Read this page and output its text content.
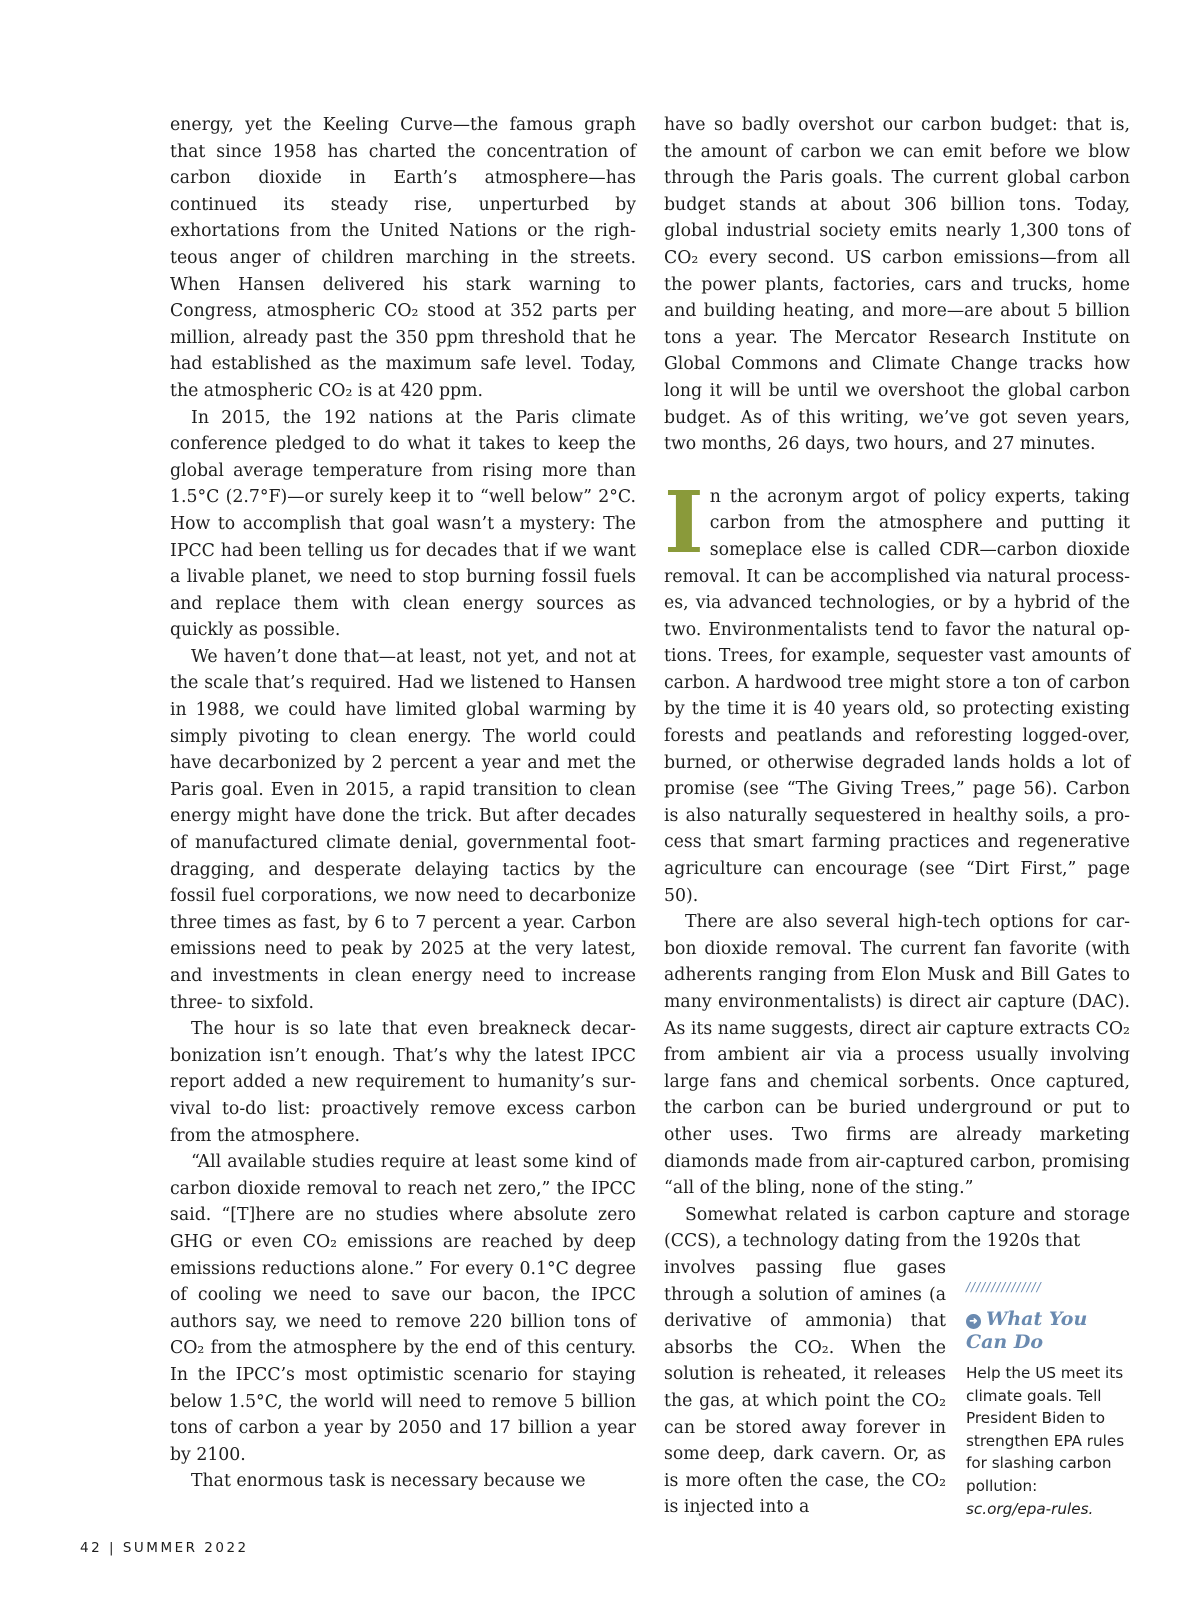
energy, yet the Keeling Curve—the famous graph that since 1958 has charted the concentration of carbon dioxide in Earth’s atmosphere—has continued its steady rise, unperturbed by exhortations from the United Nations or the righteous anger of children marching in the streets. When Hansen delivered his stark warning to Congress, atmospheric CO₂ stood at 352 parts per million, already past the 350 ppm threshold that he had established as the maximum safe level. Today, the atmospheric CO₂ is at 420 ppm.

In 2015, the 192 nations at the Paris climate conference pledged to do what it takes to keep the global average temperature from rising more than 1.5°C (2.7°F)—or surely keep it to “well below” 2°C. How to accomplish that goal wasn’t a mystery: The IPCC had been telling us for decades that if we want a livable planet, we need to stop burning fossil fuels and replace them with clean energy sources as quickly as possible.

We haven’t done that—at least, not yet, and not at the scale that’s required. Had we listened to Hansen in 1988, we could have limited global warming by simply pivoting to clean energy. The world could have decarbonized by 2 percent a year and met the Paris goal. Even in 2015, a rapid transition to clean energy might have done the trick. But after decades of manufactured climate denial, governmental foot-dragging, and desperate delaying tactics by the fossil fuel corporations, we now need to decarbonize three times as fast, by 6 to 7 percent a year. Carbon emissions need to peak by 2025 at the very latest, and investments in clean energy need to increase three- to sixfold.

The hour is so late that even breakneck decarbonization isn’t enough. That’s why the latest IPCC report added a new requirement to humanity’s survival to-do list: proactively remove excess carbon from the atmosphere.

“All available studies require at least some kind of carbon dioxide removal to reach net zero,” the IPCC said. “[T]here are no studies where absolute zero GHG or even CO₂ emissions are reached by deep emissions reductions alone.” For every 0.1°C degree of cooling we need to save our bacon, the IPCC authors say, we need to remove 220 billion tons of CO₂ from the atmosphere by the end of this century. In the IPCC’s most optimistic scenario for staying below 1.5°C, the world will need to remove 5 billion tons of carbon a year by 2050 and 17 billion a year by 2100.

That enormous task is necessary because we

have so badly overshot our carbon budget: that is, the amount of carbon we can emit before we blow through the Paris goals. The current global carbon budget stands at about 306 billion tons. Today, global industrial society emits nearly 1,300 tons of CO₂ every second. US carbon emissions—from all the power plants, factories, cars and trucks, home and building heating, and more—are about 5 billion tons a year. The Mercator Research Institute on Global Commons and Climate Change tracks how long it will be until we overshoot the global carbon budget. As of this writing, we’ve got seven years, two months, 26 days, two hours, and 27 minutes.

In the acronym argot of policy experts, taking carbon from the atmosphere and putting it someplace else is called CDR—carbon dioxide removal. It can be accomplished via natural processes, via advanced technologies, or by a hybrid of the two. Environmentalists tend to favor the natural options. Trees, for example, sequester vast amounts of carbon. A hardwood tree might store a ton of carbon by the time it is 40 years old, so protecting existing forests and peatlands and reforesting logged-over, burned, or otherwise degraded lands holds a lot of promise (see “The Giving Trees,” page 56). Carbon is also naturally sequestered in healthy soils, a process that smart farming practices and regenerative agriculture can encourage (see “Dirt First,” page 50).

There are also several high-tech options for carbon dioxide removal. The current fan favorite (with adherents ranging from Elon Musk and Bill Gates to many environmentalists) is direct air capture (DAC). As its name suggests, direct air capture extracts CO₂ from ambient air via a process usually involving large fans and chemical sorbents. Once captured, the carbon can be buried underground or put to other uses. Two firms are already marketing diamonds made from air-captured carbon, promising “all of the bling, none of the sting.”

Somewhat related is carbon capture and storage (CCS), a technology dating from the 1920s that

involves passing flue gases through a solution of amines (a derivative of ammonia) that absorbs the CO₂. When the solution is reheated, it releases the gas, at which point the CO₂ can be stored away forever in some deep, dark cavern. Or, as is more often the case, the CO₂ is injected into a

///////////////
➜ What You Can Do
Help the US meet its climate goals. Tell President Biden to strengthen EPA rules for slashing carbon pollution: sc.org/epa-rules.
42 | SUMMER 2022
